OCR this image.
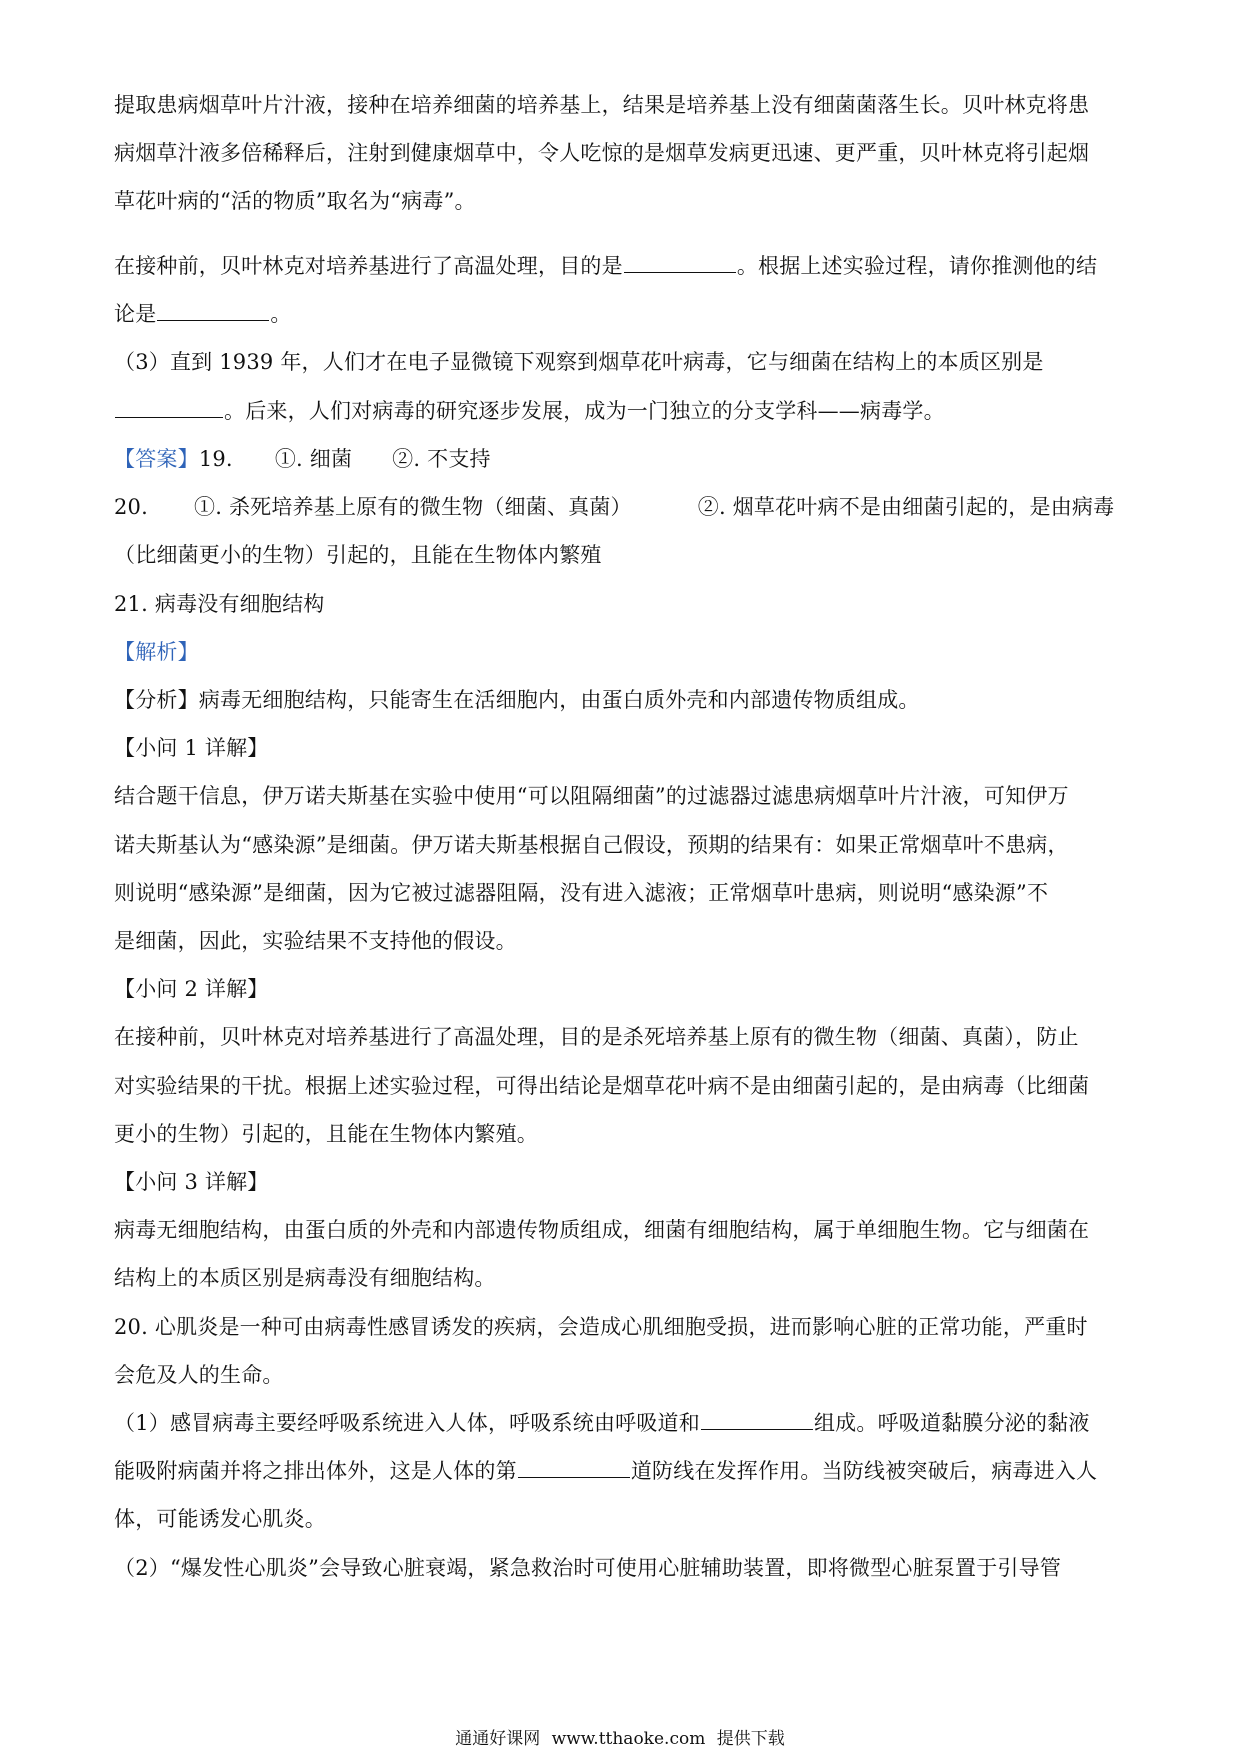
提取患病烟草叶片汁液，接种在培养细菌的培养基上，结果是培养基上没有细菌菌落生长。贝叶林克将患
病烟草汁液多倍稀释后，注射到健康烟草中，令人吃惊的是烟草发病更迅速、更严重，贝叶林克将引起烟
草花叶病的“活的物质”取名为“病毒”。
在接种前，贝叶林克对培养基进行了高温处理，目的是	。根据上述实验过程，请你推测他的结
论是	。
（3）直到 1939 年，人们才在电子显微镜下观察到烟草花叶病毒，它与细菌在结构上的本质区别是
。后来，人们对病毒的研究逐步发展，成为一门独立的分支学科——病毒学。
【答案】19. ①. 细菌 ②. 不支持
20. ①. 杀死培养基上原有的微生物（细菌、真菌）	②. 烟草花叶病不是由细菌引起的，是由病毒
（比细菌更小的生物）引起的，且能在生物体内繁殖
21. 病毒没有细胞结构
【解析】
【分析】病毒无细胞结构，只能寄生在活细胞内，由蛋白质外壳和内部遗传物质组成。
【小问 1 详解】
结合题干信息，伊万诺夫斯基在实验中使用“可以阻隔细菌”的过滤器过滤患病烟草叶片汁液，可知伊万
诺夫斯基认为“感染源”是细菌。伊万诺夫斯基根据自己假设，预期的结果有：如果正常烟草叶不患病，
则说明“感染源”是细菌，因为它被过滤器阻隔，没有进入滤液；正常烟草叶患病，则说明“感染源”不
是细菌，因此，实验结果不支持他的假设。
【小问 2 详解】
在接种前，贝叶林克对培养基进行了高温处理，目的是杀死培养基上原有的微生物（细菌、真菌），防止
对实验结果的干扰。根据上述实验过程，可得出结论是烟草花叶病不是由细菌引起的，是由病毒（比细菌
更小的生物）引起的，且能在生物体内繁殖。
【小问 3 详解】
病毒无细胞结构，由蛋白质的外壳和内部遗传物质组成，细菌有细胞结构，属于单细胞生物。它与细菌在
结构上的本质区别是病毒没有细胞结构。
20. 心肌炎是一种可由病毒性感冒诱发的疾病，会造成心肌细胞受损，进而影响心脏的正常功能，严重时
会危及人的生命。
（1）感冒病毒主要经呼吸系统进入人体，呼吸系统由呼吸道和	组成。呼吸道黏膜分泌的黏液
能吸附病菌并将之排出体外，这是人体的第	道防线在发挥作用。当防线被突破后，病毒进入人
体，可能诱发心肌炎。
（2）“爆发性心肌炎”会导致心脏衰竭，紧急救治时可使用心脏辅助装置，即将微型心脏泵置于引导管
通通好课网 www.tthaoke.com 提供下载
